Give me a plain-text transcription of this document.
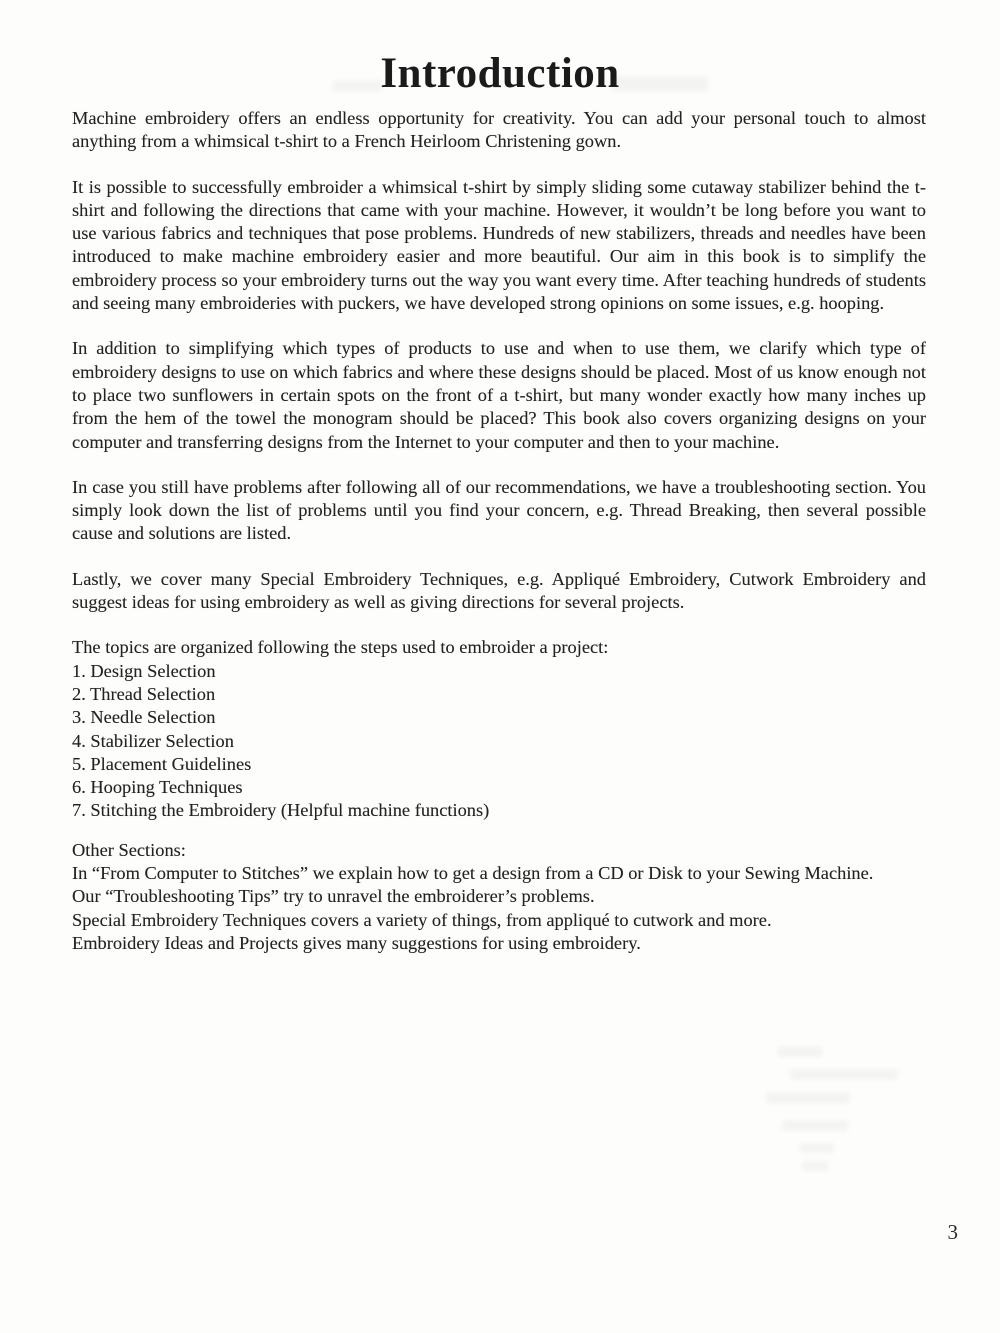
Introduction

Machine embroidery offers an endless opportunity for creativity. You can add your personal touch to almost anything from a whimsical t-shirt to a French Heirloom Christening gown.

It is possible to successfully embroider a whimsical t-shirt by simply sliding some cutaway stabilizer behind the t-shirt and following the directions that came with your machine. However, it wouldn’t be long before you want to use various fabrics and techniques that pose problems. Hundreds of new stabilizers, threads and needles have been introduced to make machine embroidery easier and more beautiful. Our aim in this book is to simplify the embroidery process so your embroidery turns out the way you want every time. After teaching hundreds of students and seeing many embroideries with puckers, we have developed strong opinions on some issues, e.g. hooping.

In addition to simplifying which types of products to use and when to use them, we clarify which type of embroidery designs to use on which fabrics and where these designs should be placed. Most of us know enough not to place two sunflowers in certain spots on the front of a t-shirt, but many wonder exactly how many inches up from the hem of the towel the monogram should be placed? This book also covers organizing designs on your computer and transferring designs from the Internet to your computer and then to your machine.

In case you still have problems after following all of our recommendations, we have a troubleshooting section. You simply look down the list of problems until you find your concern, e.g. Thread Breaking, then several possible cause and solutions are listed.

Lastly, we cover many Special Embroidery Techniques, e.g. Appliqué Embroidery, Cutwork Embroidery and suggest ideas for using embroidery as well as giving directions for several projects.

The topics are organized following the steps used to embroider a project:

1. Design Selection
2. Thread Selection
3. Needle Selection
4. Stabilizer Selection
5. Placement Guidelines
6. Hooping Techniques
7. Stitching the Embroidery (Helpful machine functions)
Other Sections:
In “From Computer to Stitches” we explain how to get a design from a CD or Disk to your Sewing Machine.
Our “Troubleshooting Tips” try to unravel the embroiderer’s problems.
Special Embroidery Techniques covers a variety of things, from appliqué to cutwork and more.
Embroidery Ideas and Projects gives many suggestions for using embroidery.
3
